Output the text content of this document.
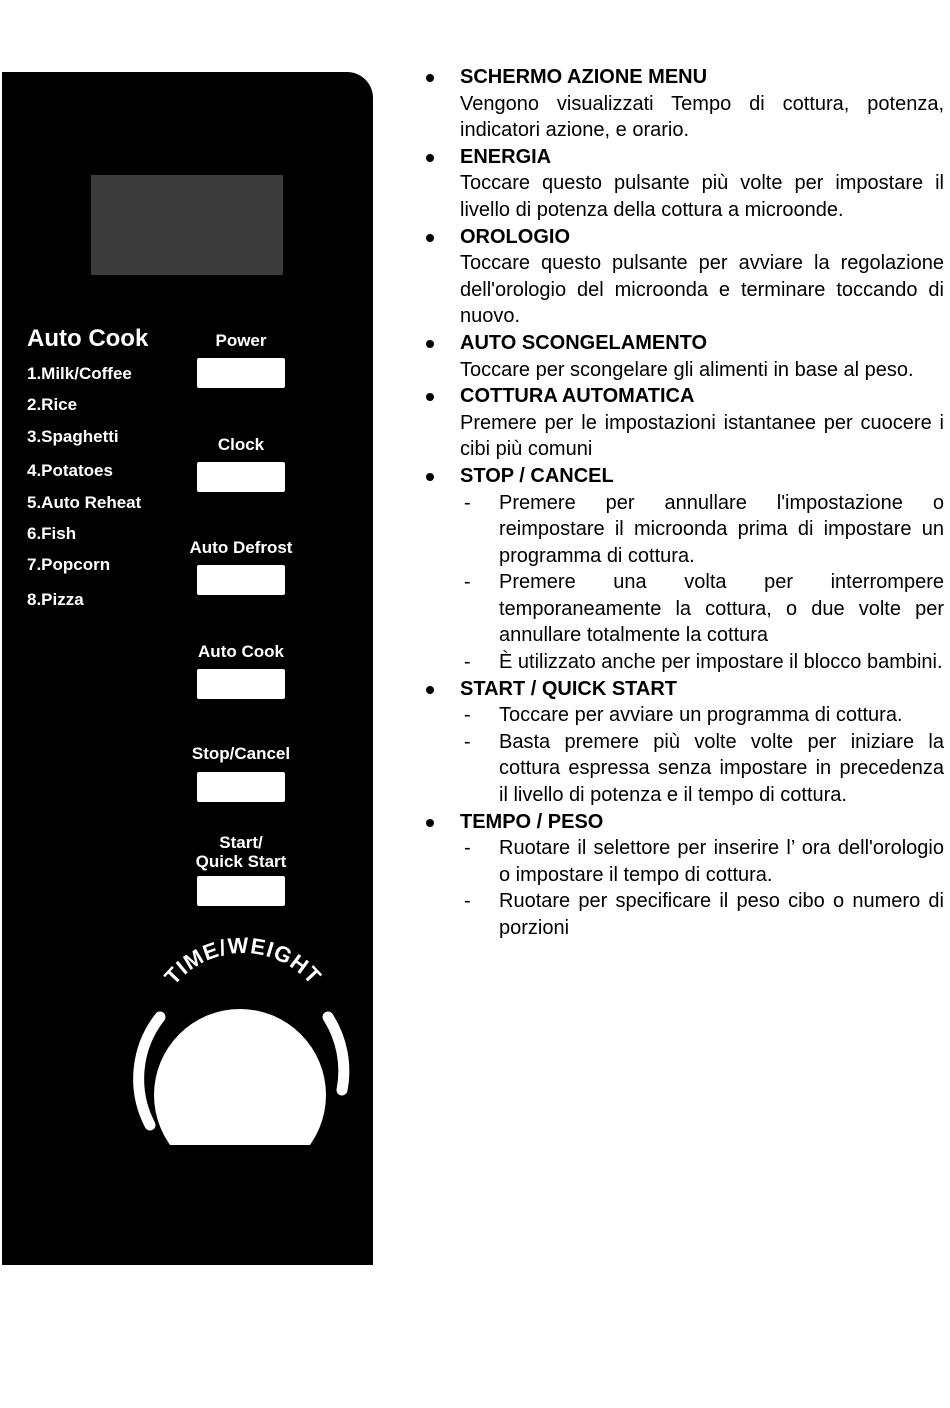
Auto Cook
1.Milk/Coffee
2.Rice
3.Spaghetti
4.Potatoes
5.Auto Reheat
6.Fish
7.Popcorn
8.Pizza
Power
Clock
Auto Defrost
Auto Cook
Stop/Cancel
Start/
Quick Start
TIME/WEIGHT
SCHERMO AZIONE MENU
Vengono visualizzati Tempo di cottura, potenza, indicatori azione, e orario.
ENERGIA
Toccare questo pulsante più volte per impostare il livello di potenza della cottura a microonde.
OROLOGIO
Toccare questo pulsante per avviare la regolazione dell'orologio del microonda e terminare toccando di nuovo.
AUTO SCONGELAMENTO
Toccare per scongelare gli alimenti in base al peso.
COTTURA AUTOMATICA
Premere per le impostazioni istantanee per cuocere i cibi più comuni
STOP / CANCEL
- Premere per annullare l'impostazione o reimpostare il microonda prima di impostare un programma di cottura.
- Premere una volta per interrompere temporaneamente la cottura, o due volte per annullare totalmente la cottura
- È utilizzato anche per impostare il blocco bambini.
START / QUICK START
- Toccare per avviare un programma di cottura.
- Basta premere più volte volte per iniziare la cottura espressa senza impostare in precedenza il livello di potenza e il tempo di cottura.
TEMPO / PESO
- Ruotare il selettore per inserire l’ ora dell'orologio o impostare il tempo di cottura.
- Ruotare per specificare il peso cibo o numero di porzioni
